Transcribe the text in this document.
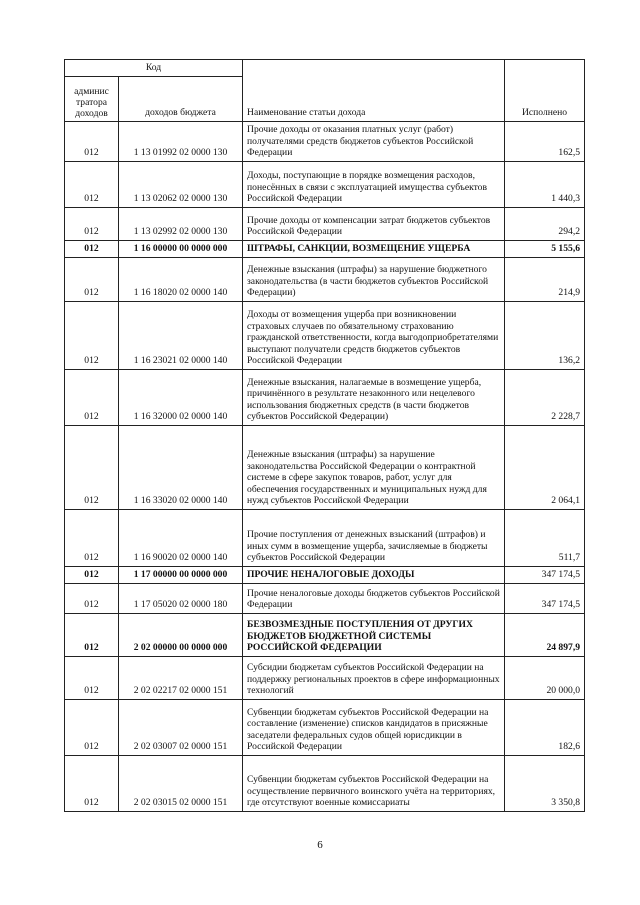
Код		Наименование статьи дохода	Исполнено
админис тратора доходов	доходов бюджета		
012	1 13 01992 02 0000 130	Прочие доходы от оказания платных услуг (работ) получателями средств бюджетов субъектов Российской Федерации	162,5
012	1 13 02062 02 0000 130	Доходы, поступающие в порядке возмещения расходов, понесённых в связи с эксплуатацией имущества субъектов Российской Федерации	1 440,3
012	1 13 02992 02 0000 130	Прочие доходы от компенсации затрат бюджетов субъектов Российской Федерации	294,2
012	1 16 00000 00 0000 000	ШТРАФЫ, САНКЦИИ, ВОЗМЕЩЕНИЕ УЩЕРБА	5 155,6
012	1 16 18020 02 0000 140	Денежные взыскания (штрафы) за нарушение бюджетного законодательства (в части бюджетов субъектов Российской Федерации)	214,9
012	1 16 23021 02 0000 140	Доходы от возмещения ущерба при возникновении страховых случаев по обязательному страхованию гражданской ответственности, когда выгодоприобретателями выступают получатели средств бюджетов субъектов Российской Федерации	136,2
012	1 16 32000 02 0000 140	Денежные взыскания, налагаемые в возмещение ущерба, причинённого в результате незаконного или нецелевого использования бюджетных средств (в части бюджетов субъектов Российской Федерации)	2 228,7
012	1 16 33020 02 0000 140	Денежные взыскания (штрафы) за нарушение законодательства Российской Федерации о контрактной системе в сфере закупок товаров, работ, услуг для обеспечения государственных и муниципальных нужд для нужд субъектов Российской Федерации	2 064,1
012	1 16 90020 02 0000 140	Прочие поступления от денежных взысканий (штрафов) и иных сумм в возмещение ущерба, зачисляемые в бюджеты субъектов Российской Федерации	511,7
012	1 17 00000 00 0000 000	ПРОЧИЕ НЕНАЛОГОВЫЕ ДОХОДЫ	347 174,5
012	1 17 05020 02 0000 180	Прочие неналоговые доходы бюджетов субъектов Российской Федерации	347 174,5
012	2 02 00000 00 0000 000	БЕЗВОЗМЕЗДНЫЕ ПОСТУПЛЕНИЯ ОТ ДРУГИХ БЮДЖЕТОВ БЮДЖЕТНОЙ СИСТЕМЫ РОССИЙСКОЙ ФЕДЕРАЦИИ	24 897,9
012	2 02 02217 02 0000 151	Субсидии бюджетам субъектов Российской Федерации на поддержку региональных проектов в сфере информационных технологий	20 000,0
012	2 02 03007 02 0000 151	Субвенции бюджетам субъектов Российской Федерации на составление (изменение) списков кандидатов в присяжные заседатели федеральных судов общей юрисдикции в Российской Федерации	182,6
012	2 02 03015 02 0000 151	Субвенции бюджетам субъектов Российской Федерации на осуществление первичного воинского учёта на территориях, где отсутствуют военные комиссариаты	3 350,8
6
